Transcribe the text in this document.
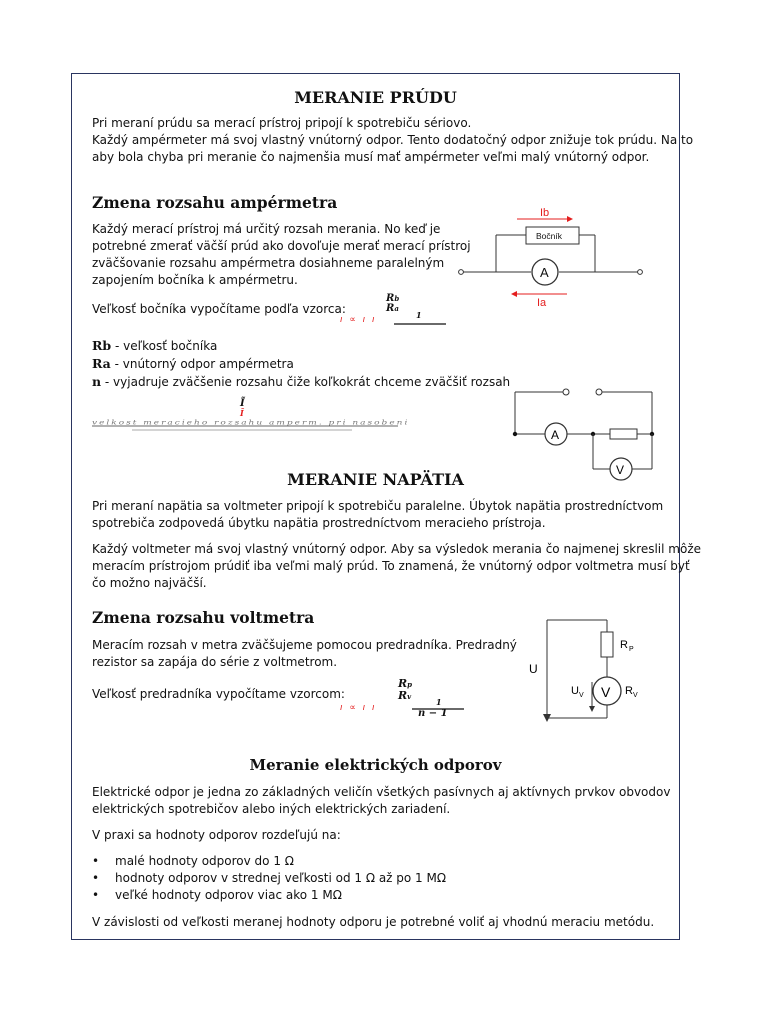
MERANIE PRÚDU
Pri meraní prúdu sa merací prístroj pripojí k spotrebiču sériovo.
Každý ampérmeter má svoj vlastný vnútorný odpor. Tento dodatočný odpor znižuje tok prúdu. Na to
aby bola chyba pri meranie čo najmenšia musí mať ampérmeter veľmi malý vnútorný odpor.
Zmena rozsahu ampérmetra
Každý merací prístroj má určitý rozsah merania. No keď je
potrebné zmerať väčší prúd ako dovoľuje merať merací prístroj
zväčšovanie rozsahu ampérmetra dosiahneme paralelným
zapojením bočníka k ampérmetru.
Veľkosť bočníka vypočítame podľa vzorca:
Rb
Ra
ı ∝ ı ı	1
Rb - veľkosť bočníka
Ra - vnútorný odpor ampérmetra
n - vyjadruje zväčšenie rozsahu čiže koľkokrát chceme zväčšiť rozsah
Ĩ
Ĩ
velkost meracieho rozsahu amperm. pri nasobeni
Ib
Bočník
A
Ia
A
V
MERANIE NAPÄTIA
Pri meraní napätia sa voltmeter pripojí k spotrebiču paralelne. Úbytok napätia prostredníctvom
spotrebiča zodpovedá úbytku napätia prostredníctvom meracieho prístroja.
Každý voltmeter má svoj vlastný vnútorný odpor. Aby sa výsledok merania čo najmenej skreslil môže
meracím prístrojom prúdiť iba veľmi malý prúd. To znamená, že vnútorný odpor voltmetra musí byť
čo možno najväčší.
Zmena rozsahu voltmetra
Meracím rozsah v metra zväčšujeme pomocou predradníka. Predradný
rezistor sa zapája do série z voltmetrom.
Veľkosť predradníka vypočítame vzorcom:
Rp
Rv
ı ∝ ı ı
1
n − 1
U
R P
V R V
U V
Meranie elektrických odporov
Elektrické odpor je jedna zo základných veličín všetkých pasívnych aj aktívnych prvkov obvodov
elektrických spotrebičov alebo iných elektrických zariadení.
V praxi sa hodnoty odporov rozdeľujú na:
• malé hodnoty odporov do 1 Ω
• hodnoty odporov v strednej veľkosti od 1 Ω až po 1 MΩ
• veľké hodnoty odporov viac ako 1 MΩ
V závislosti od veľkosti meranej hodnoty odporu je potrebné voliť aj vhodnú meraciu metódu.
